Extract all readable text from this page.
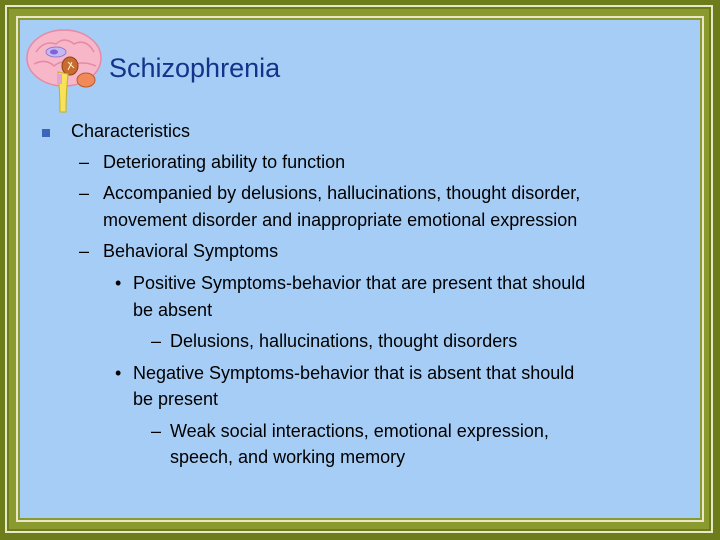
Schizophrenia
Characteristics
– Deteriorating ability to function
– Accompanied by delusions, hallucinations, thought disorder,
movement disorder and inappropriate emotional expression
– Behavioral Symptoms
• Positive Symptoms-behavior that are present that should
be absent
– Delusions, hallucinations, thought disorders
• Negative Symptoms-behavior that is absent that should
be present
– Weak social interactions, emotional expression,
speech, and working memory
